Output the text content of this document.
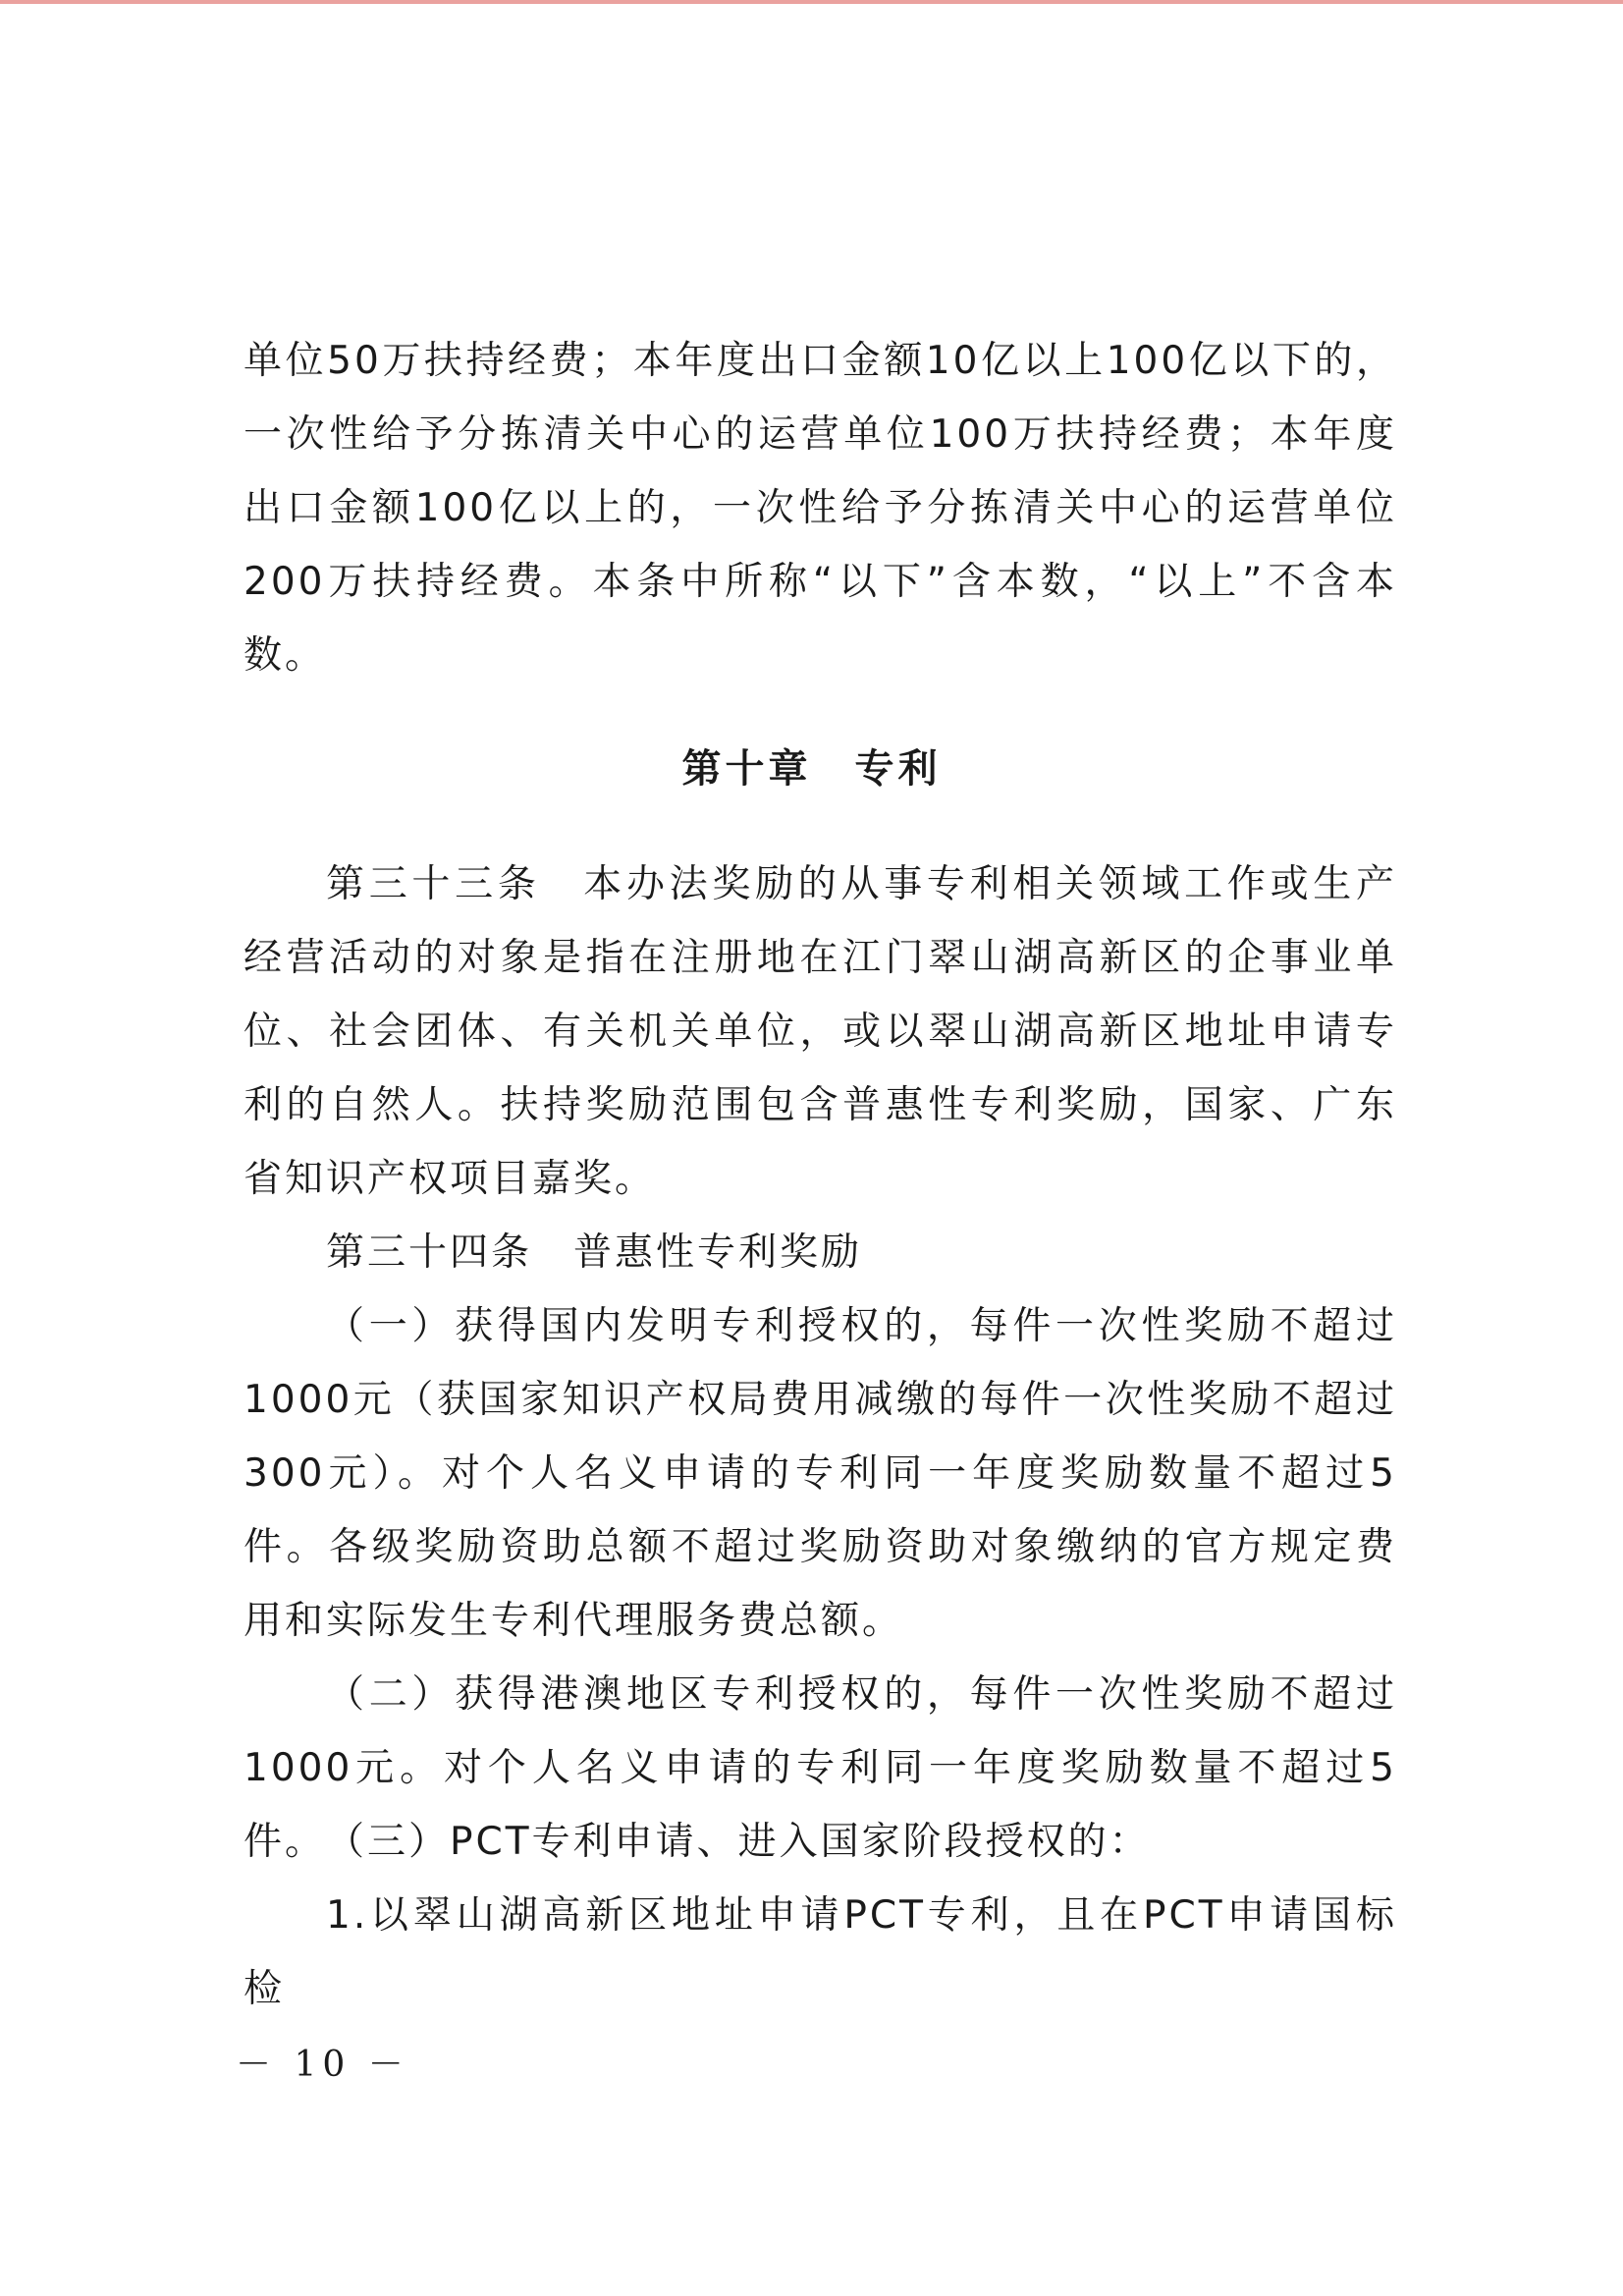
单位50万扶持经费；本年度出口金额10亿以上100亿以下的，一次性给予分拣清关中心的运营单位100万扶持经费；本年度出口金额100亿以上的，一次性给予分拣清关中心的运营单位200万扶持经费。本条中所称“以下”含本数，“以上”不含本数。

第十章　专利

第三十三条　本办法奖励的从事专利相关领域工作或生产经营活动的对象是指在注册地在江门翠山湖高新区的企事业单位、社会团体、有关机关单位，或以翠山湖高新区地址申请专利的自然人。扶持奖励范围包含普惠性专利奖励，国家、广东省知识产权项目嘉奖。

第三十四条　普惠性专利奖励

（一）获得国内发明专利授权的，每件一次性奖励不超过1000元（获国家知识产权局费用减缴的每件一次性奖励不超过300元）。对个人名义申请的专利同一年度奖励数量不超过5件。各级奖励资助总额不超过奖励资助对象缴纳的官方规定费用和实际发生专利代理服务费总额。

（二）获得港澳地区专利授权的，每件一次性奖励不超过1000元。对个人名义申请的专利同一年度奖励数量不超过5件。 （三）PCT专利申请、进入国家阶段授权的：

1.以翠山湖高新区地址申请PCT专利，且在PCT申请国标检

－ 10 －
